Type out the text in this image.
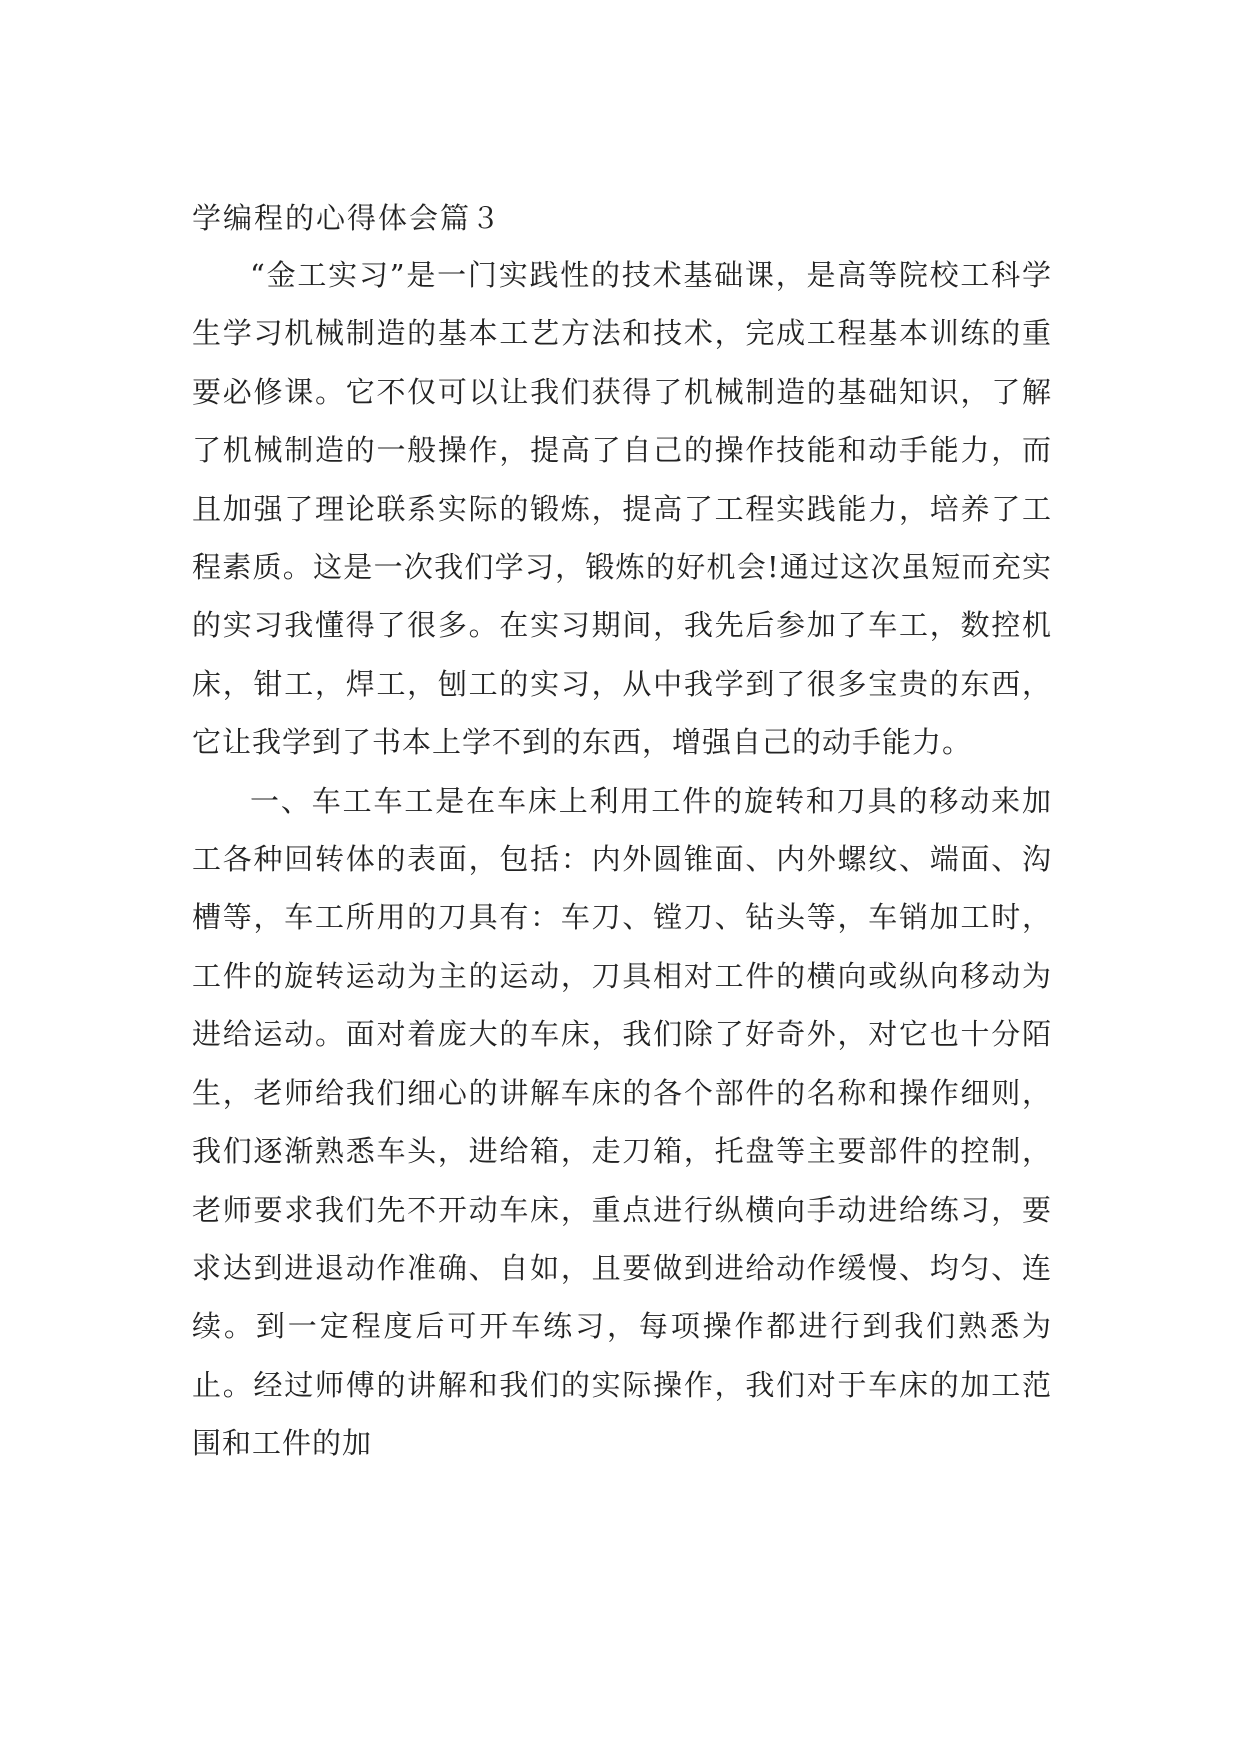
学编程的心得体会篇３

“金工实习”是一门实践性的技术基础课，是高等院校工科学生学习机械制造的基本工艺方法和技术，完成工程基本训练的重要必修课。它不仅可以让我们获得了机械制造的基础知识，了解了机械制造的一般操作，提高了自己的操作技能和动手能力，而且加强了理论联系实际的锻炼，提高了工程实践能力，培养了工程素质。这是一次我们学习，锻炼的好机会!通过这次虽短而充实的实习我懂得了很多。在实习期间，我先后参加了车工，数控机床，钳工，焊工，刨工的实习，从中我学到了很多宝贵的东西，它让我学到了书本上学不到的东西，增强自己的动手能力。

一、车工车工是在车床上利用工件的旋转和刀具的移动来加工各种回转体的表面，包括：内外圆锥面、内外螺纹、端面、沟槽等，车工所用的刀具有：车刀、镗刀、钻头等，车销加工时，工件的旋转运动为主的运动，刀具相对工件的横向或纵向移动为进给运动。面对着庞大的车床，我们除了好奇外，对它也十分陌生，老师给我们细心的讲解车床的各个部件的名称和操作细则，我们逐渐熟悉车头，进给箱，走刀箱，托盘等主要部件的控制，老师要求我们先不开动车床，重点进行纵横向手动进给练习，要求达到进退动作准确、自如，且要做到进给动作缓慢、均匀、连续。到一定程度后可开车练习，每项操作都进行到我们熟悉为止。经过师傅的讲解和我们的实际操作，我们对于车床的加工范围和工件的加
